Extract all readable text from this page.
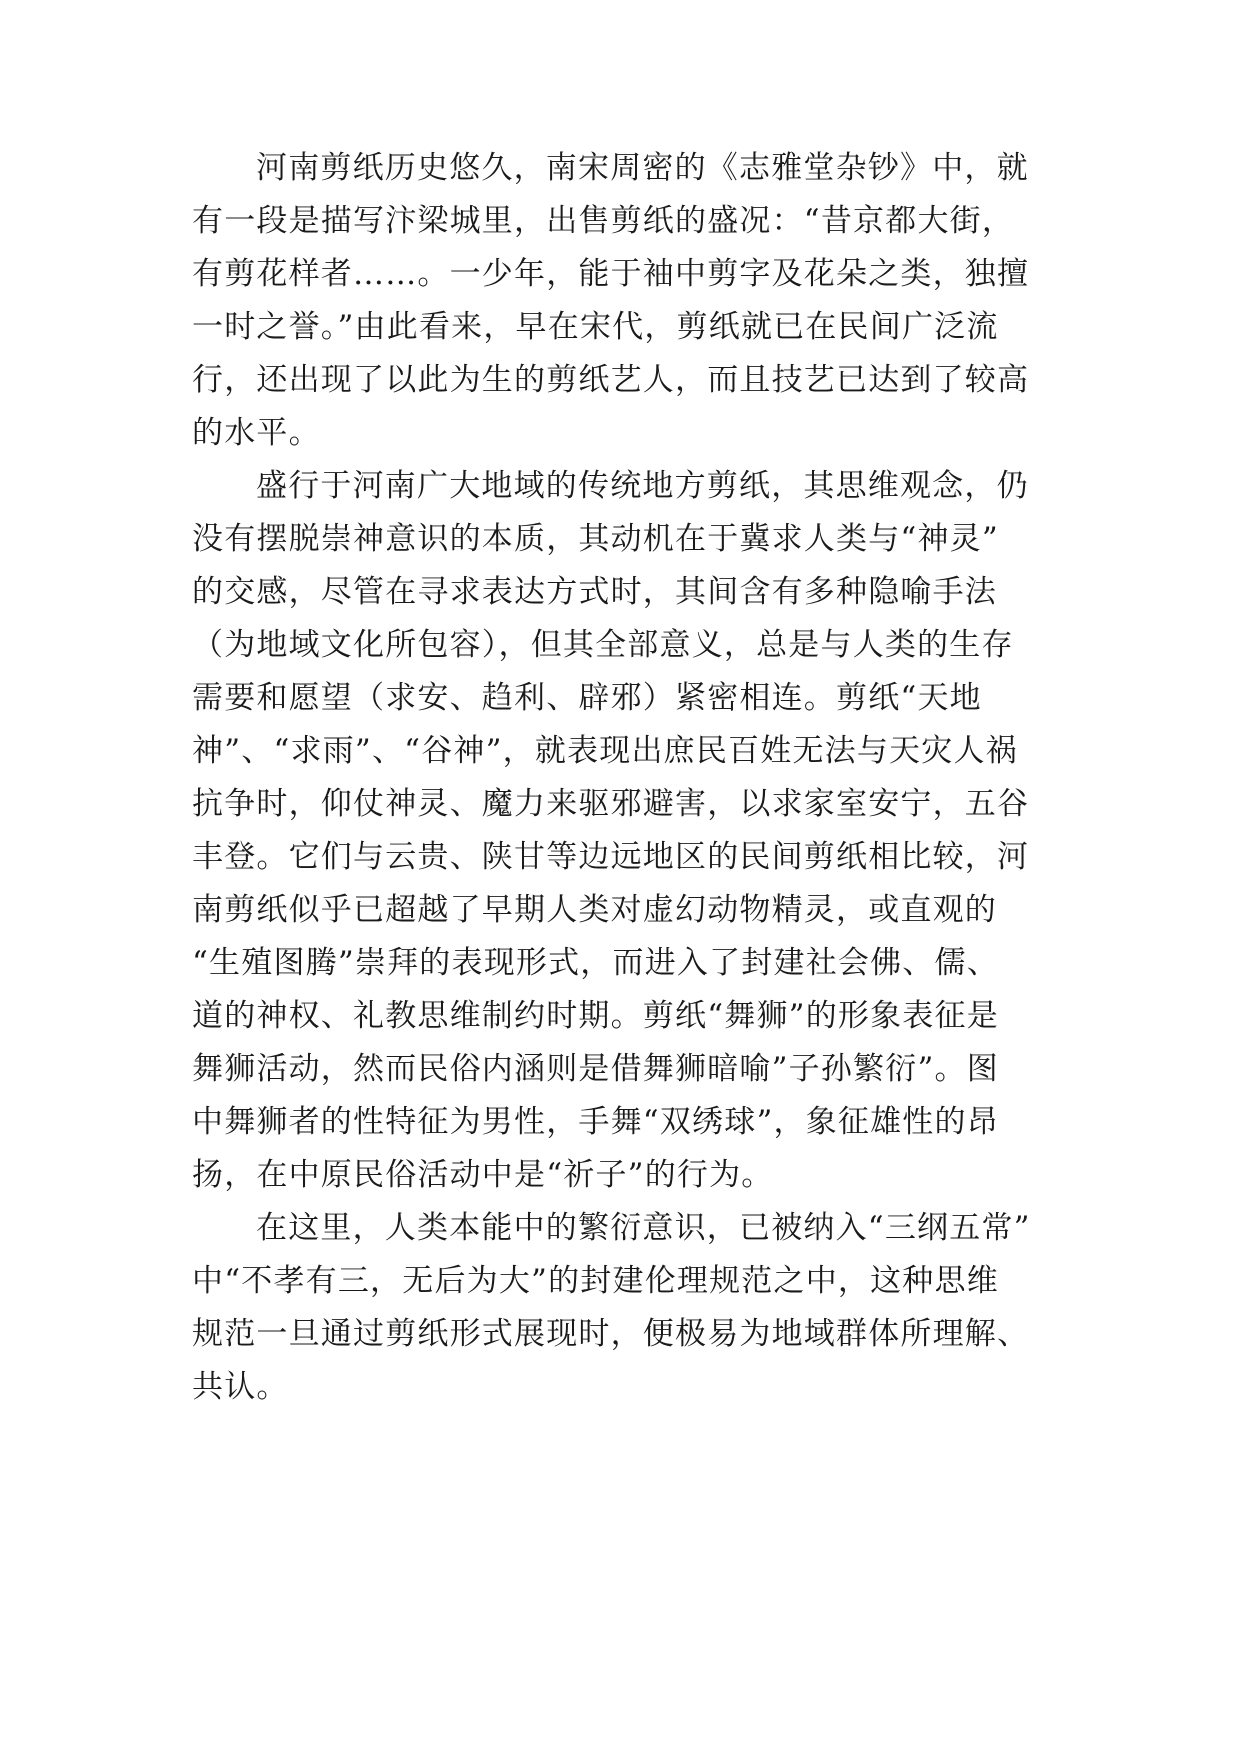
河南剪纸历史悠久，南宋周密的《志雅堂杂钞》中，就
有一段是描写汴梁城里，出售剪纸的盛况：“昔京都大街，
有剪花样者……。一少年，能于袖中剪字及花朵之类，独擅
一时之誉。”由此看来，早在宋代，剪纸就已在民间广泛流
行，还出现了以此为生的剪纸艺人，而且技艺已达到了较高
的水平。
盛行于河南广大地域的传统地方剪纸，其思维观念，仍
没有摆脱崇神意识的本质，其动机在于冀求人类与“神灵”
的交感，尽管在寻求表达方式时，其间含有多种隐喻手法
（为地域文化所包容），但其全部意义，总是与人类的生存
需要和愿望（求安、趋利、辟邪）紧密相连。剪纸“天地
神”、“求雨”、“谷神”，就表现出庶民百姓无法与天灾人祸
抗争时，仰仗神灵、魔力来驱邪避害，以求家室安宁，五谷
丰登。它们与云贵、陕甘等边远地区的民间剪纸相比较，河
南剪纸似乎已超越了早期人类对虚幻动物精灵，或直观的
“生殖图腾”崇拜的表现形式，而进入了封建社会佛、儒、
道的神权、礼教思维制约时期。剪纸“舞狮”的形象表征是
舞狮活动，然而民俗内涵则是借舞狮暗喻”子孙繁衍”。图
中舞狮者的性特征为男性，手舞“双绣球”，象征雄性的昂
扬，在中原民俗活动中是“祈子”的行为。
在这里，人类本能中的繁衍意识，已被纳入“三纲五常”
中“不孝有三，无后为大”的封建伦理规范之中，这种思维
规范一旦通过剪纸形式展现时，便极易为地域群体所理解、
共认。
